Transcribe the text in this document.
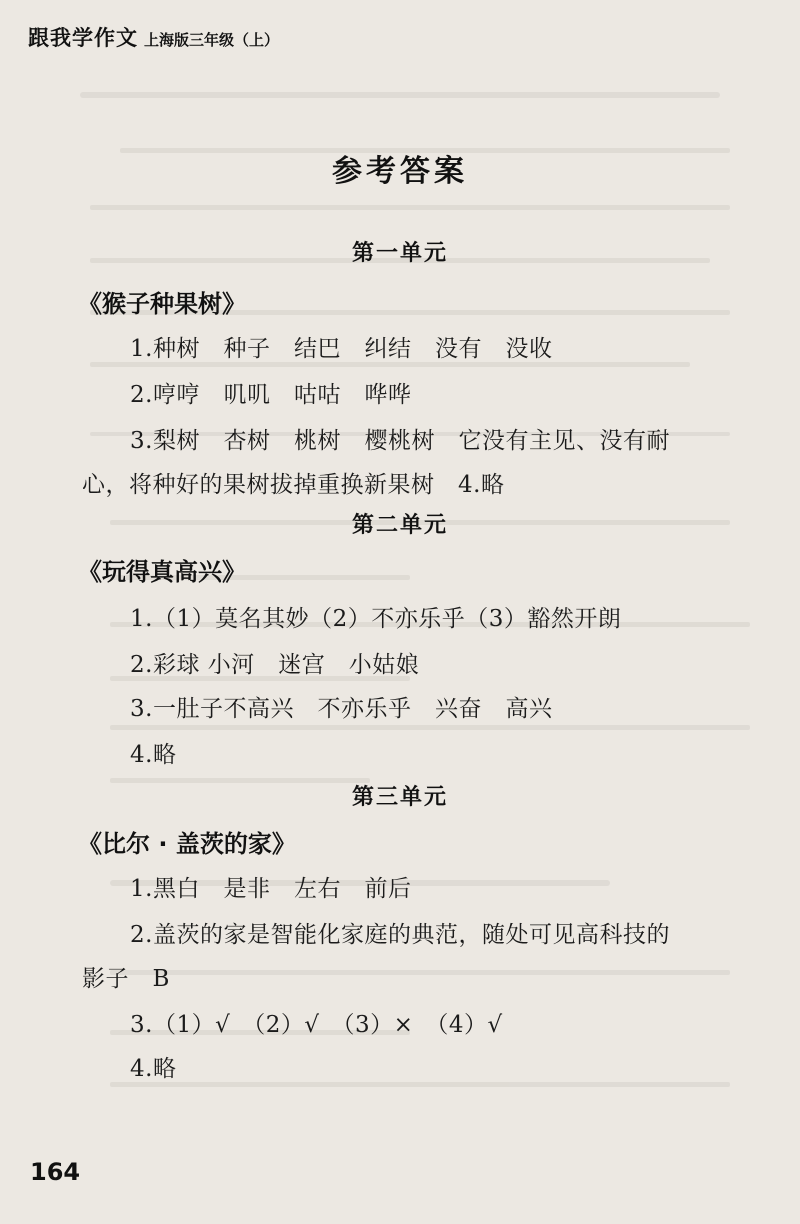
跟我学作文 上海版三年级（上）
参考答案
第一单元
《猴子种果树》
1.种树　种子　结巴　纠结　没有　没收
2.哼哼　叽叽　咕咕　哗哗
3.梨树　杏树　桃树　樱桃树　它没有主见、没有耐
心，将种好的果树拔掉重换新果树　4.略
第二单元
《玩得真高兴》
1.（1）莫名其妙（2）不亦乐乎（3）豁然开朗
2.彩球 小河　迷宫　小姑娘
3.一肚子不高兴　不亦乐乎　兴奋　高兴
4.略
第三单元
《比尔 · 盖茨的家》
1.黑白　是非　左右　前后
2.盖茨的家是智能化家庭的典范，随处可见高科技的
影子　B
3.（1）√　（2）√　（3）×　（4）√
4.略
164
